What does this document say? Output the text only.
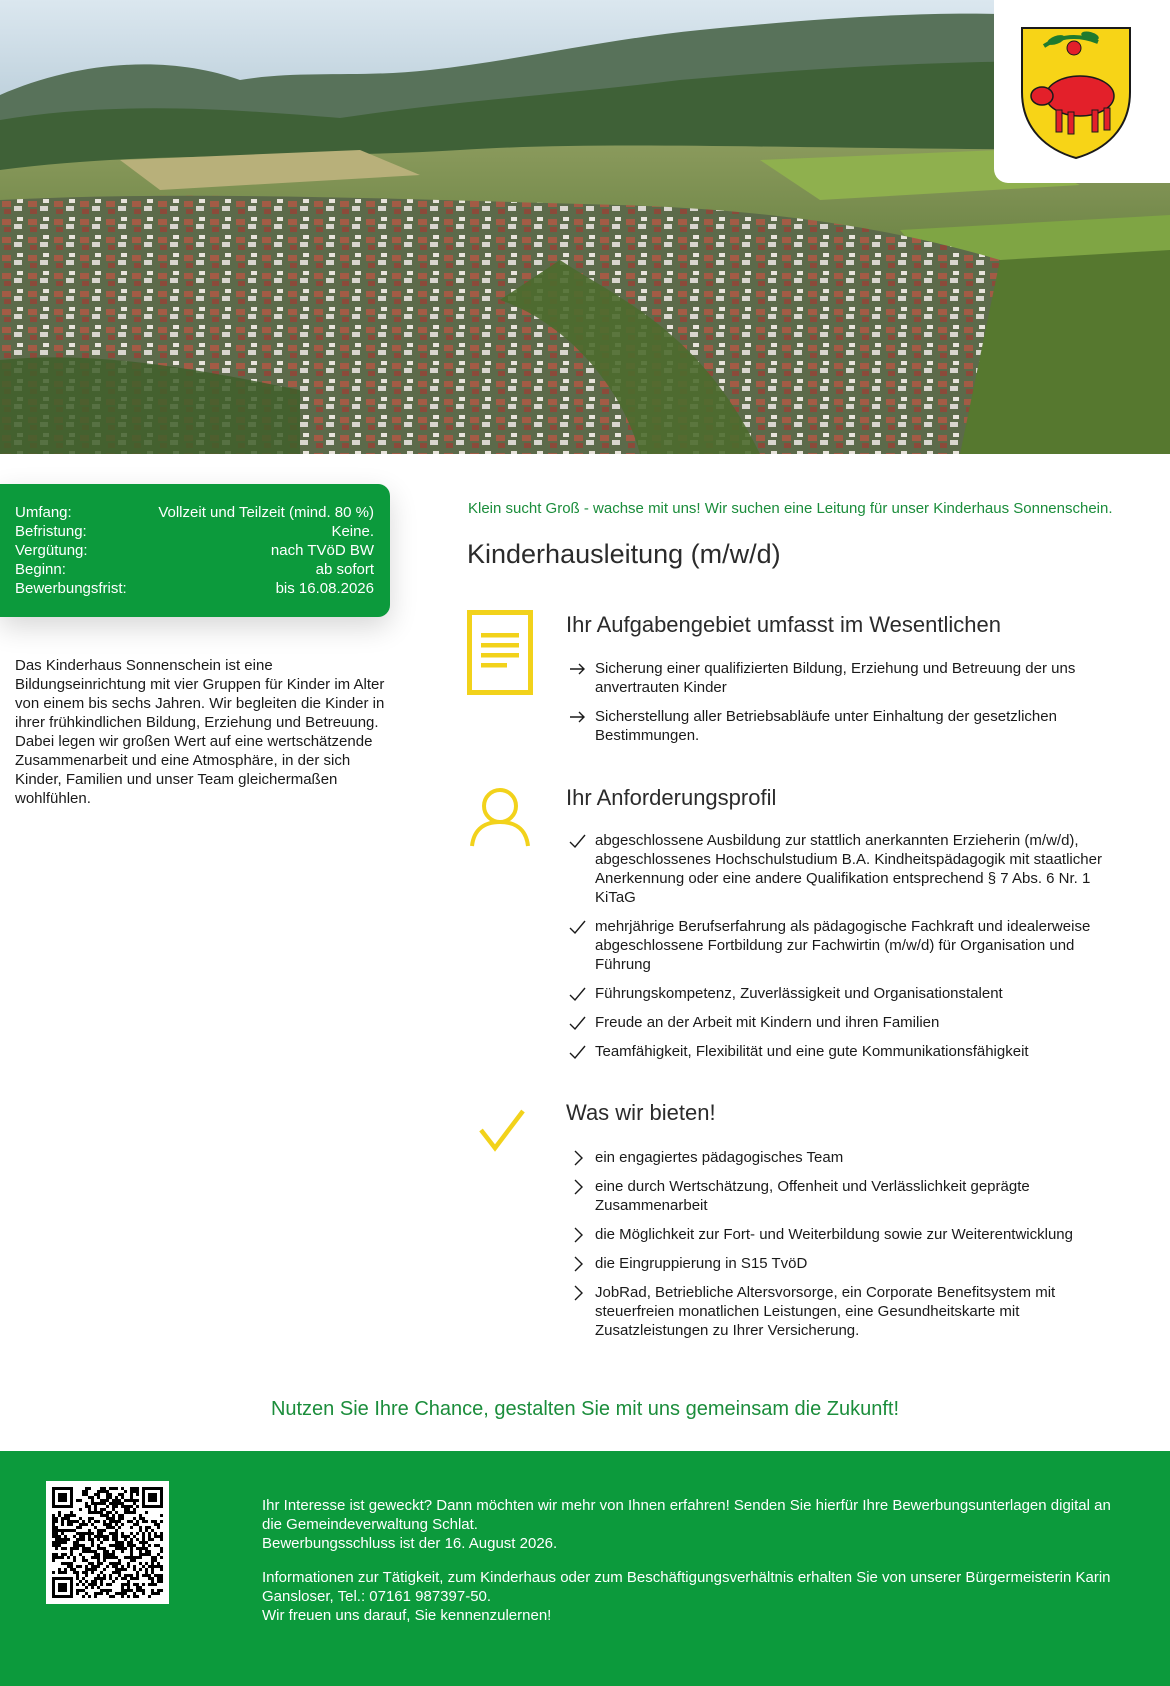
Umfang:	Vollzeit und Teilzeit (mind. 80 %)
Befristung:	Keine.
Vergütung:	nach TVöD BW
Beginn:	ab sofort
Bewerbungsfrist:	bis 16.08.2026

Das Kinderhaus Sonnenschein ist eine Bildungseinrichtung mit vier Gruppen für Kinder im Alter von einem bis sechs Jahren. Wir begleiten die Kinder in ihrer frühkindlichen Bildung, Erziehung und Betreuung. Dabei legen wir großen Wert auf eine wertschätzende Zusammenarbeit und eine Atmosphäre, in der sich Kinder, Familien und unser Team gleichermaßen wohlfühlen.

Klein sucht Groß - wachse mit uns! Wir suchen eine Leitung für unser Kinderhaus Sonnenschein.

Kinderhausleitung (m/w/d)
Ihr Aufgabengebiet umfasst im Wesentlichen
Sicherung einer qualifizierten Bildung, Erziehung und Betreuung der uns anvertrauten Kinder
Sicherstellung aller Betriebsabläufe unter Einhaltung der gesetzlichen Bestimmungen.
Ihr Anforderungsprofil
abgeschlossene Ausbildung zur stattlich anerkannten Erzieherin (m/w/d), abgeschlossenes Hochschulstudium B.A. Kindheitspädagogik mit staatlicher Anerkennung oder eine andere Qualifikation entsprechend § 7 Abs. 6 Nr. 1 KiTaG
mehrjährige Berufserfahrung als pädagogische Fachkraft und idealerweise abgeschlossene Fortbildung zur Fachwirtin (m/w/d) für Organisation und Führung
Führungskompetenz, Zuverlässigkeit und Organisationstalent
Freude an der Arbeit mit Kindern und ihren Familien
Teamfähigkeit, Flexibilität und eine gute Kommunikationsfähigkeit
Was wir bieten!
ein engagiertes pädagogisches Team
eine durch Wertschätzung, Offenheit und Verlässlichkeit geprägte Zusammenarbeit
die Möglichkeit zur Fort- und Weiterbildung sowie zur Weiterentwicklung
die Eingruppierung in S15 TvöD
JobRad, Betriebliche Altersvorsorge, ein Corporate Benefitsystem mit steuerfreien monatlichen Leistungen, eine Gesundheitskarte mit Zusatzleistungen zu Ihrer Versicherung.

Nutzen Sie Ihre Chance, gestalten Sie mit uns gemeinsam die Zukunft!

Ihr Interesse ist geweckt? Dann möchten wir mehr von Ihnen erfahren! Senden Sie hierfür Ihre Bewerbungsunterlagen digital an die Gemeindeverwaltung Schlat.

Bewerbungsschluss ist der 16. August 2026.

Informationen zur Tätigkeit, zum Kinderhaus oder zum Beschäftigungsverhältnis erhalten Sie von unserer Bürgermeisterin Karin Gansloser, Tel.: 07161 987397-50.

Wir freuen uns darauf, Sie kennenzulernen!
